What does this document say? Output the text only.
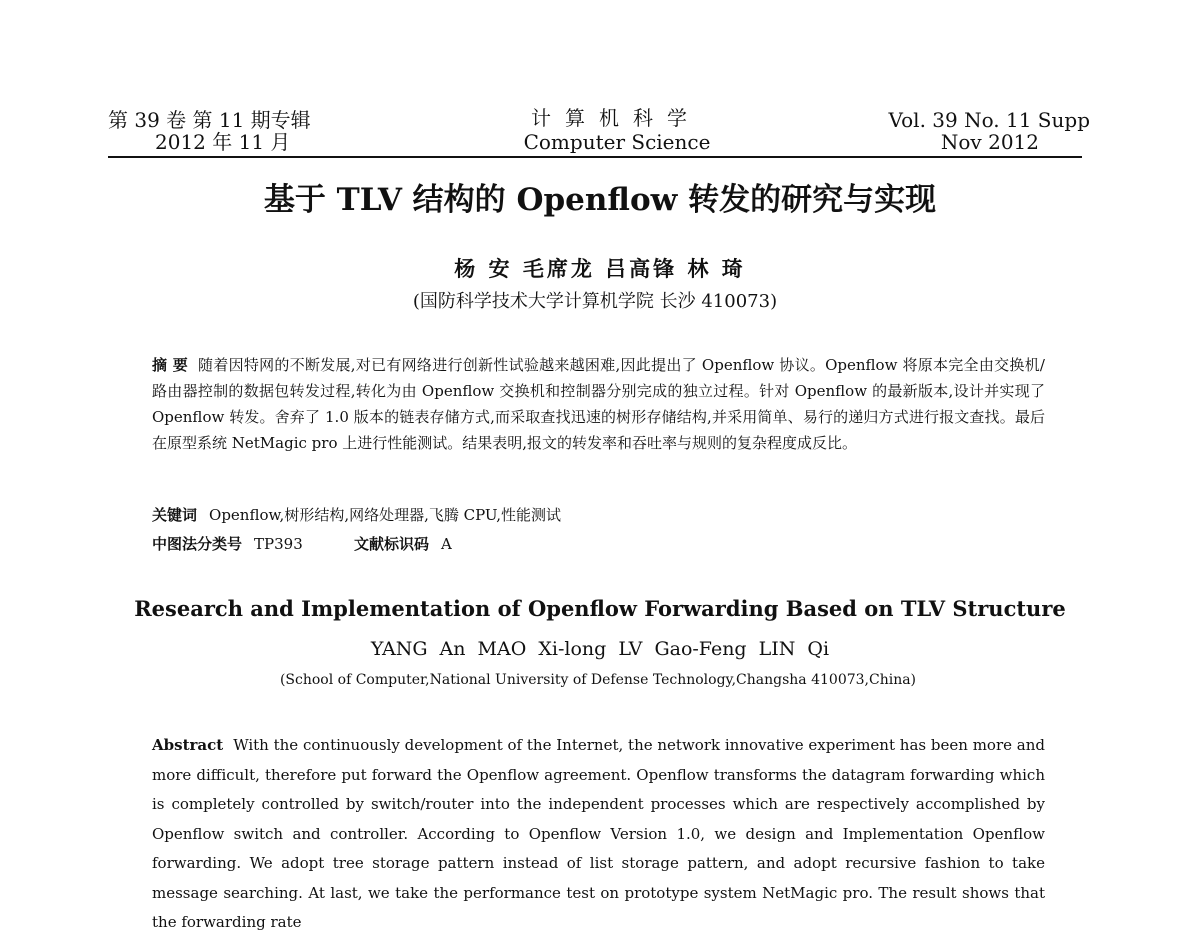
第 39 卷 第 11 期专辑
2012 年 11 月
计算机科学
Computer Science
Vol. 39 No. 11 Supp
Nov 2012
基于 TLV 结构的 Openflow 转发的研究与实现
杨 安 毛席龙 吕高锋 林 琦
(国防科学技术大学计算机学院 长沙 410073)
摘 要 随着因特网的不断发展,对已有网络进行创新性试验越来越困难,因此提出了 Openflow 协议。Openflow 将原本完全由交换机/路由器控制的数据包转发过程,转化为由 Openflow 交换机和控制器分别完成的独立过程。针对 Openflow 的最新版本,设计并实现了 Openflow 转发。舍弃了 1.0 版本的链表存储方式,而采取查找迅速的树形存储结构,并采用简单、易行的递归方式进行报文查找。最后在原型系统 NetMagic pro 上进行性能测试。结果表明,报文的转发率和吞吐率与规则的复杂程度成反比。
关键词 Openflow,树形结构,网络处理器,飞腾 CPU,性能测试
中图法分类号 TP393	文献标识码 A
Research and Implementation of Openflow Forwarding Based on TLV Structure
YANG An MAO Xi-long LV Gao-Feng LIN Qi
(School of Computer,National University of Defense Technology,Changsha 410073,China)
Abstract With the continuously development of the Internet, the network innovative experiment has been more and more difficult, therefore put forward the Openflow agreement. Openflow transforms the datagram forwarding which is completely controlled by switch/router into the independent processes which are respectively accomplished by Openflow switch and controller. According to Openflow Version 1.0, we design and Implementation Openflow forwarding. We adopt tree storage pattern instead of list storage pattern, and adopt recursive fashion to take message searching. At last, we take the performance test on prototype system NetMagic pro. The result shows that the forwarding rate
